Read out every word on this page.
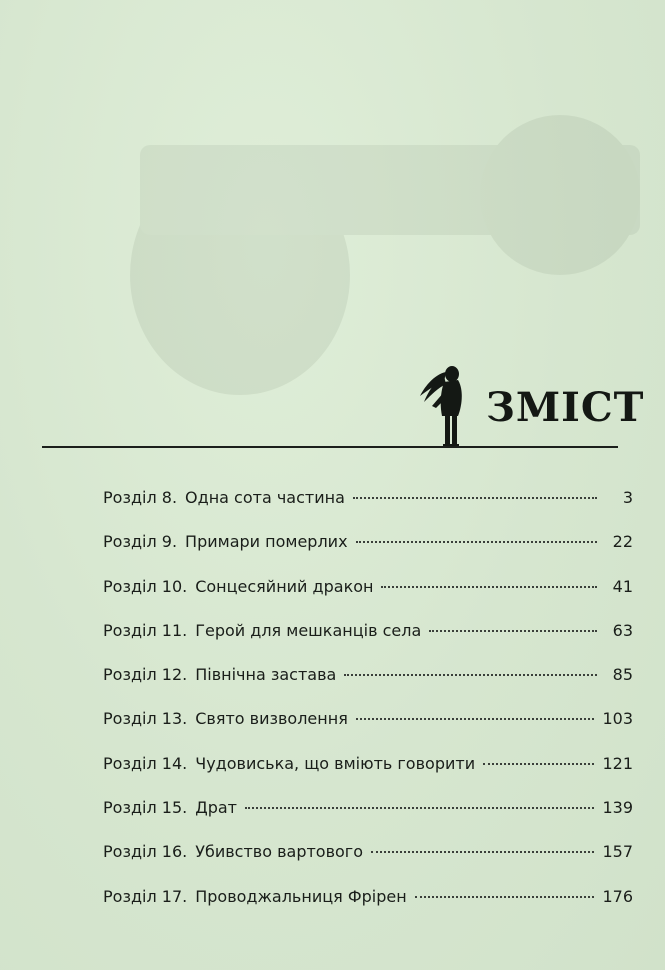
ЗМІСТ
Розділ 8. Одна сота частина	3
Розділ 9. Примари померлих	22
Розділ 10. Сонцесяйний дракон	41
Розділ 11. Герой для мешканців села	63
Розділ 12. Північна застава	85
Розділ 13. Свято визволення	103
Розділ 14. Чудовиська, що вміють говорити	121
Розділ 15. Драт	139
Розділ 16. Убивство вартового	157
Розділ 17. Проводжальниця Фрірен	176
